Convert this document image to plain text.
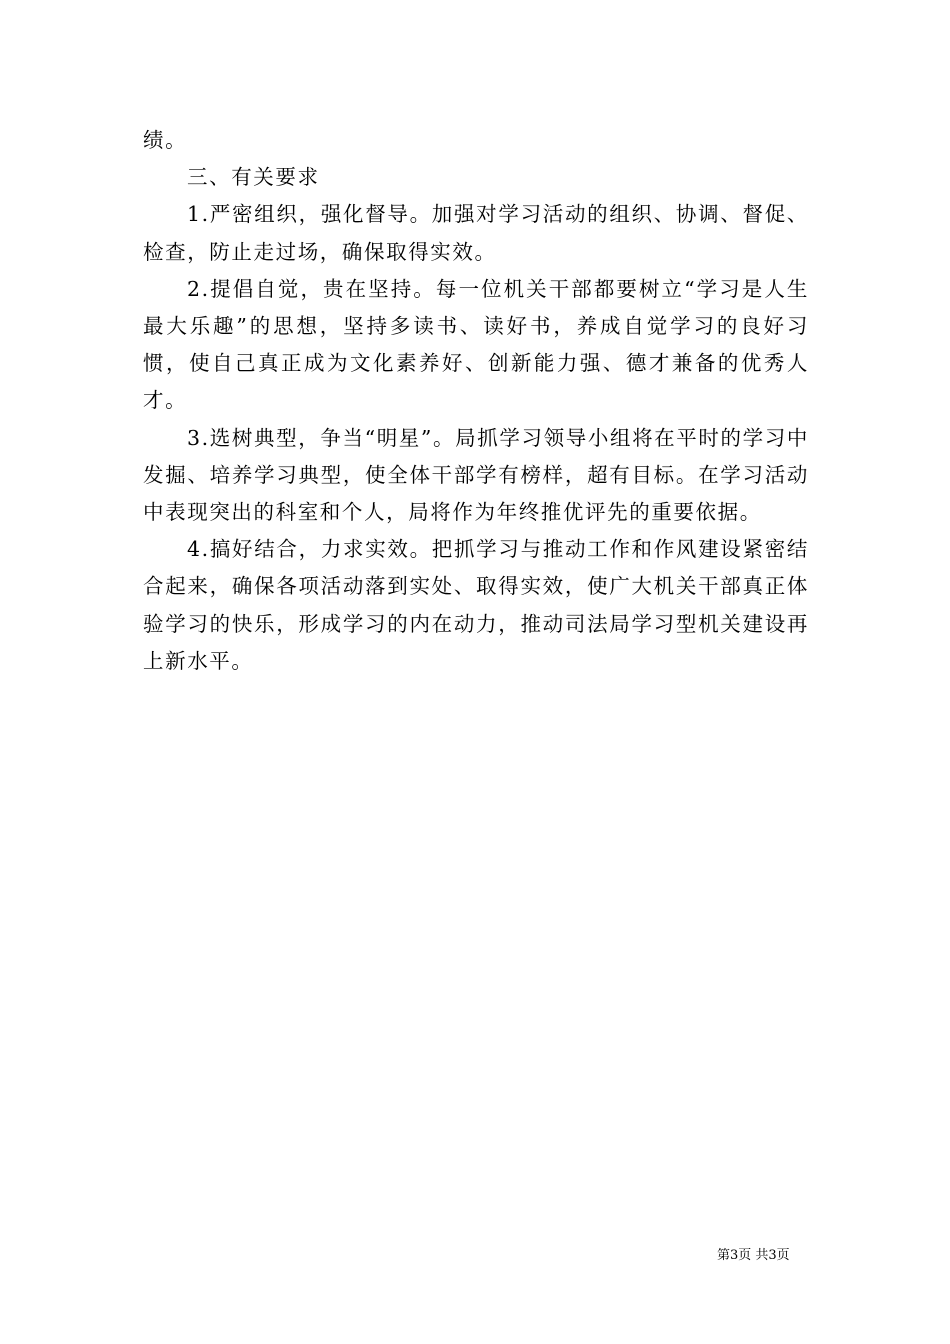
绩。

三、有关要求

1.严密组织，强化督导。加强对学习活动的组织、协调、督促、检查，防止走过场，确保取得实效。

2.提倡自觉，贵在坚持。每一位机关干部都要树立“学习是人生最大乐趣”的思想，坚持多读书、读好书，养成自觉学习的良好习惯，使自己真正成为文化素养好、创新能力强、德才兼备的优秀人才。

3.选树典型，争当“明星”。局抓学习领导小组将在平时的学习中发掘、培养学习典型，使全体干部学有榜样，超有目标。在学习活动中表现突出的科室和个人，局将作为年终推优评先的重要依据。

4.搞好结合，力求实效。把抓学习与推动工作和作风建设紧密结合起来，确保各项活动落到实处、取得实效，使广大机关干部真正体验学习的快乐，形成学习的内在动力，推动司法局学习型机关建设再上新水平。

第3页 共3页
